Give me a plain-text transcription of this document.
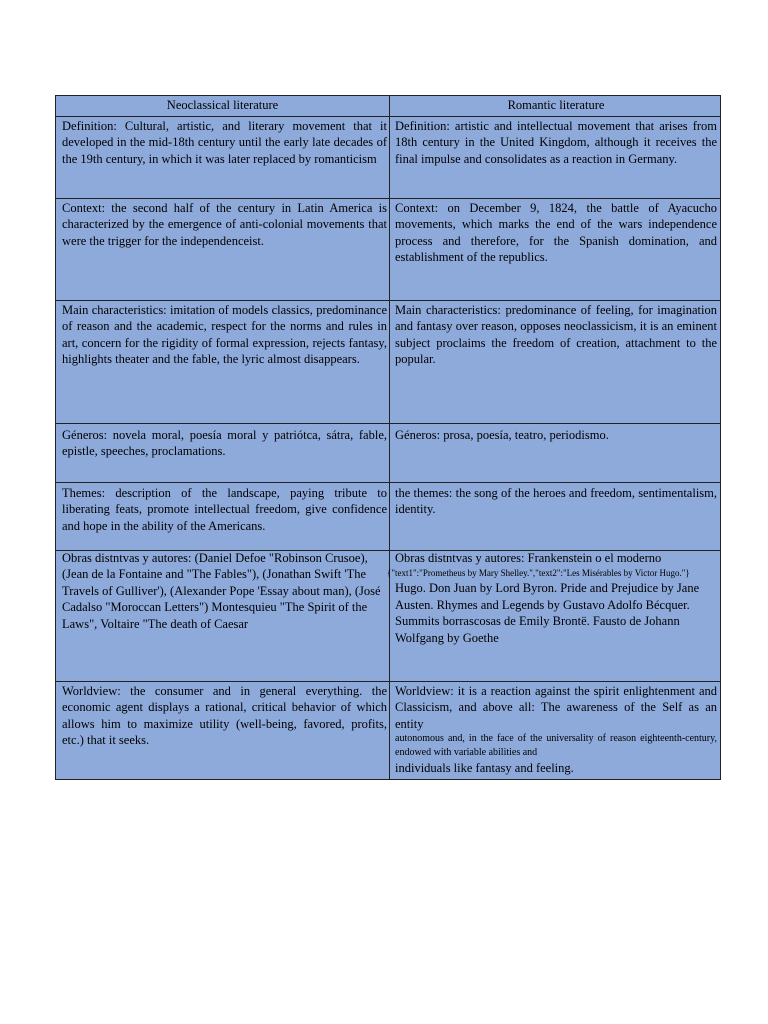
Neoclassical literature	Romantic literature
Definition: Cultural, artistic, and literary movement that it developed in the mid-18th century until the early late decades of the 19th century, in which it was later replaced by romanticism
Definition: artistic and intellectual movement that arises from 18th century in the United Kingdom, although it receives the final impulse and consolidates as a reaction in Germany.
Context: the second half of the century in Latin America is characterized by the emergence of anti-colonial movements that were the trigger for the independenceist.
Context: on December 9, 1824, the battle of Ayacucho movements, which marks the end of the wars independence process and therefore, for the Spanish domination, and establishment of the republics.
Main characteristics: imitation of models classics, predominance of reason and the academic, respect for the norms and rules in art, concern for the rigidity of formal expression, rejects fantasy, highlights theater and the fable, the lyric almost disappears.
Main characteristics: predominance of feeling, for imagination and fantasy over reason, opposes neoclassicism, it is an eminent subject proclaims the freedom of creation, attachment to the popular.
Géneros: novela moral, poesía moral y patriótca, sátra, fable, epistle, speeches, proclamations.
Géneros: prosa, poesía, teatro, periodismo.
Themes: description of the landscape, paying tribute to liberating feats, promote intellectual freedom, give confidence and hope in the ability of the Americans.
the themes: the song of the heroes and freedom, sentimentalism, identity.
Obras distntvas y autores: (Daniel Defoe "Robinson Crusoe), (Jean de la Fontaine and "The Fables"), (Jonathan Swift 'The Travels of Gulliver'), (Alexander Pope 'Essay about man), (José Cadalso "Moroccan Letters") Montesquieu "The Spirit of the Laws", Voltaire "The death of Caesar
Obras distntvas y autores: Frankenstein o el moderno
{"text1":"Prometheus by Mary Shelley.","text2":"Les Misérables by Victor Hugo."}
Hugo. Don Juan by Lord Byron. Pride and Prejudice by Jane Austen. Rhymes and Legends by Gustavo Adolfo Bécquer. Summits borrascosas de Emily Brontë. Fausto de Johann Wolfgang by Goethe
Worldview: the consumer and in general everything. the economic agent displays a rational, critical behavior of which allows him to maximize utility (well-being, favored, profits, etc.) that it seeks.
Worldview: it is a reaction against the spirit enlightenment and Classicism, and above all: The awareness of the Self as an entity
autonomous and, in the face of the universality of reason eighteenth-century, endowed with variable abilities and
individuals like fantasy and feeling.
